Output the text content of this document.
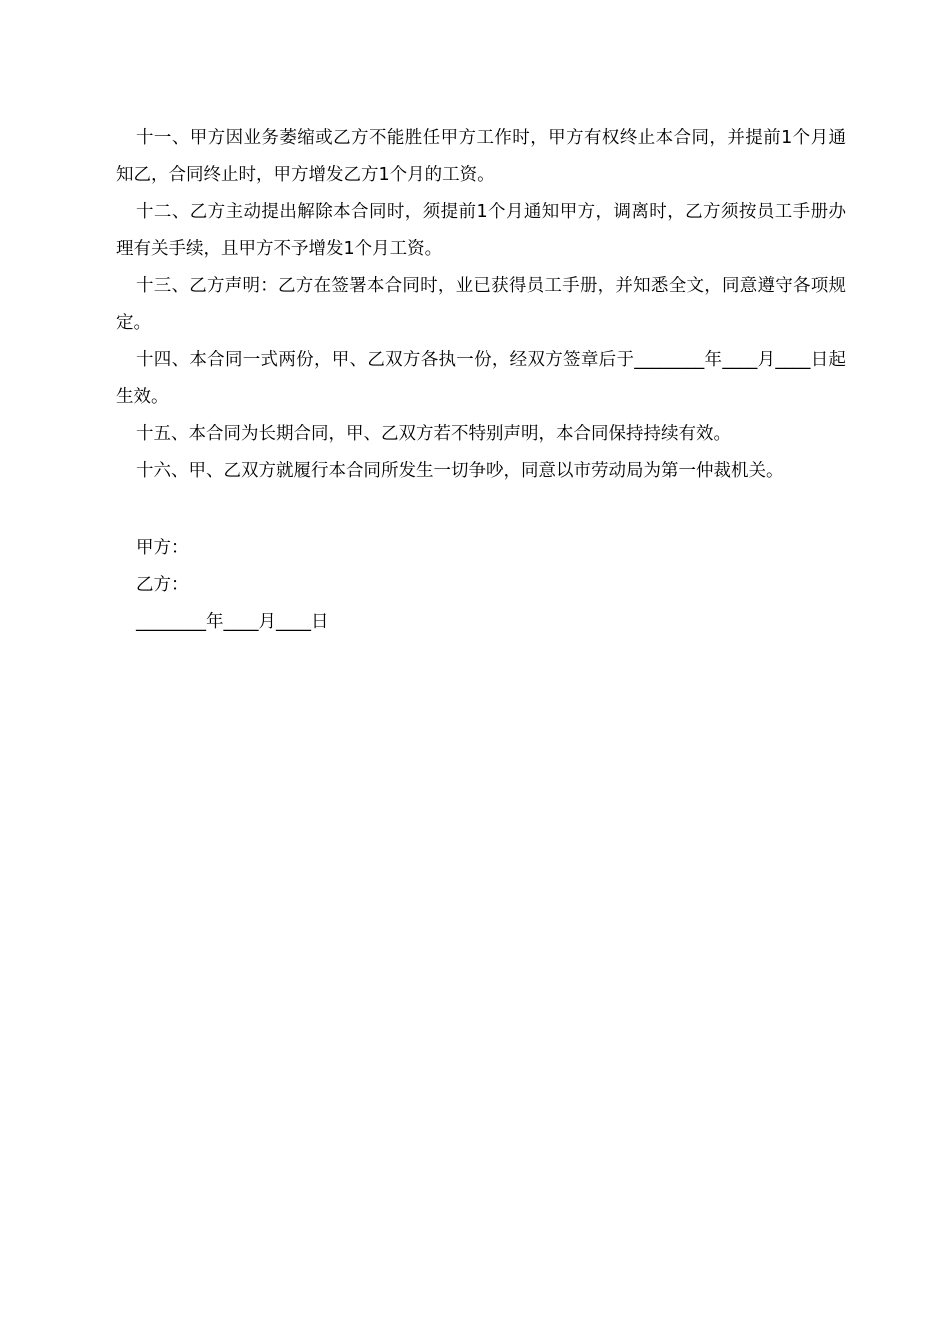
十一、甲方因业务萎缩或乙方不能胜任甲方工作时，甲方有权终止本合同，并提前1个月通知乙，合同终止时，甲方增发乙方1个月的工资。

十二、乙方主动提出解除本合同时，须提前1个月通知甲方，调离时，乙方须按员工手册办理有关手续，且甲方不予增发1个月工资。

十三、乙方声明：乙方在签署本合同时，业已获得员工手册，并知悉全文，同意遵守各项规定。

十四、本合同一式两份，甲、乙双方各执一份，经双方签章后于________年____月____日起生效。

十五、本合同为长期合同，甲、乙双方若不特别声明，本合同保持持续有效。

十六、甲、乙双方就履行本合同所发生一切争吵，同意以市劳动局为第一仲裁机关。

甲方：

乙方：

________年____月____日
